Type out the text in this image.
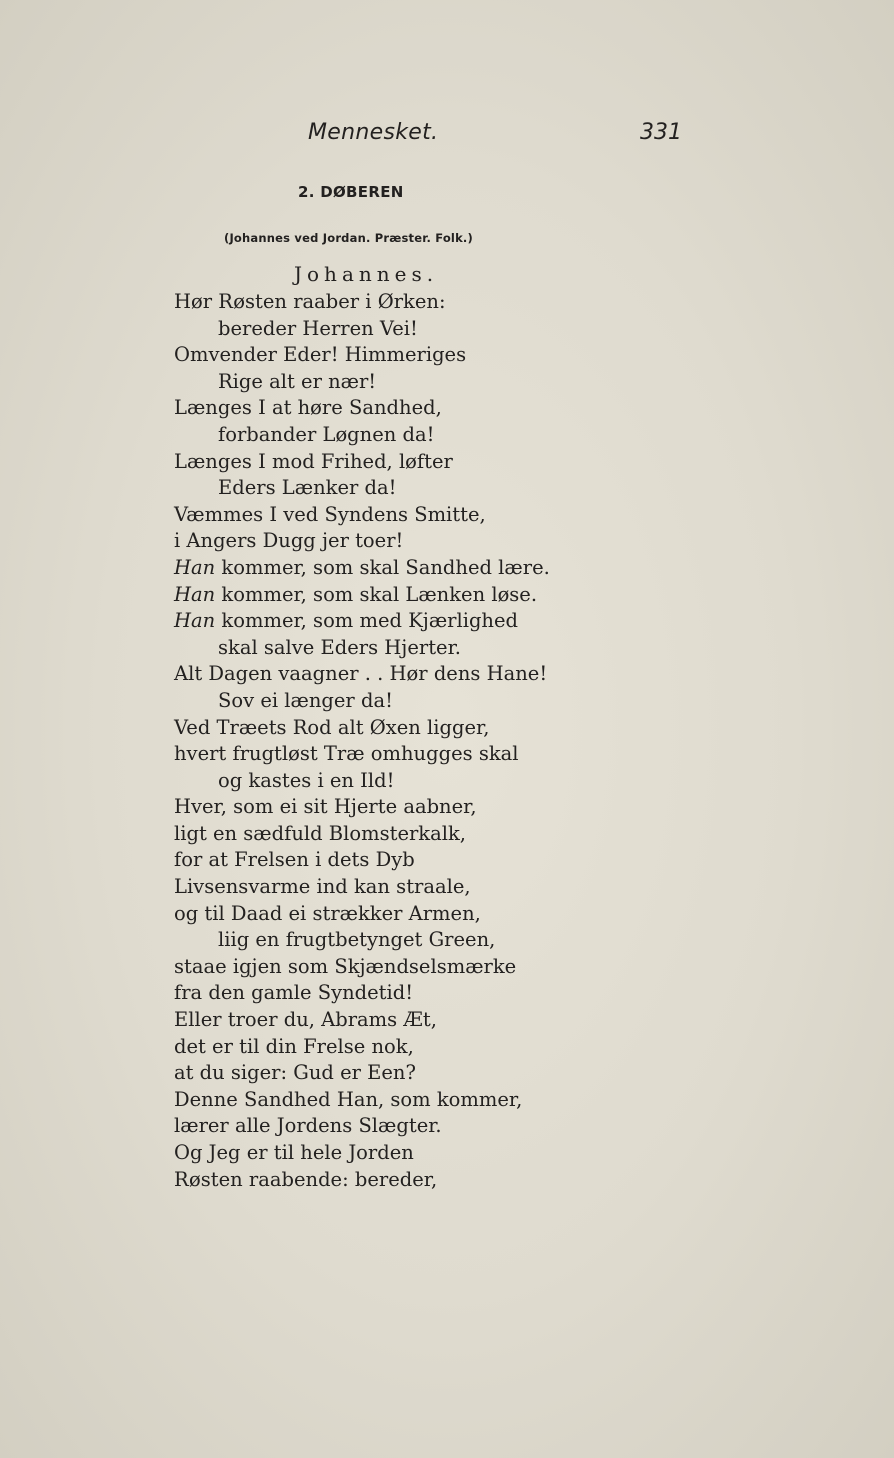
Mennesket.	331
2. DØBEREN
(Johannes ved Jordan. Præster. Folk.)
Johannes.
Hør Røsten raaber i Ørken:
bereder Herren Vei!
Omvender Eder! Himmeriges
Rige alt er nær!
Længes I at høre Sandhed,
forbander Løgnen da!
Længes I mod Frihed, løfter
Eders Lænker da!
Væmmes I ved Syndens Smitte,
i Angers Dugg jer toer!
Han kommer, som skal Sandhed lære.
Han kommer, som skal Lænken løse.
Han kommer, som med Kjærlighed
skal salve Eders Hjerter.
Alt Dagen vaagner . . Hør dens Hane!
Sov ei længer da!
Ved Træets Rod alt Øxen ligger,
hvert frugtløst Træ omhugges skal
og kastes i en Ild!
Hver, som ei sit Hjerte aabner,
ligt en sædfuld Blomsterkalk,
for at Frelsen i dets Dyb
Livsensvarme ind kan straale,
og til Daad ei strækker Armen,
liig en frugtbetynget Green,
staae igjen som Skjændselsmærke
fra den gamle Syndetid!
Eller troer du, Abrams Æt,
det er til din Frelse nok,
at du siger: Gud er Een?
Denne Sandhed Han, som kommer,
lærer alle Jordens Slægter.
Og Jeg er til hele Jorden
Røsten raabende: bereder,
